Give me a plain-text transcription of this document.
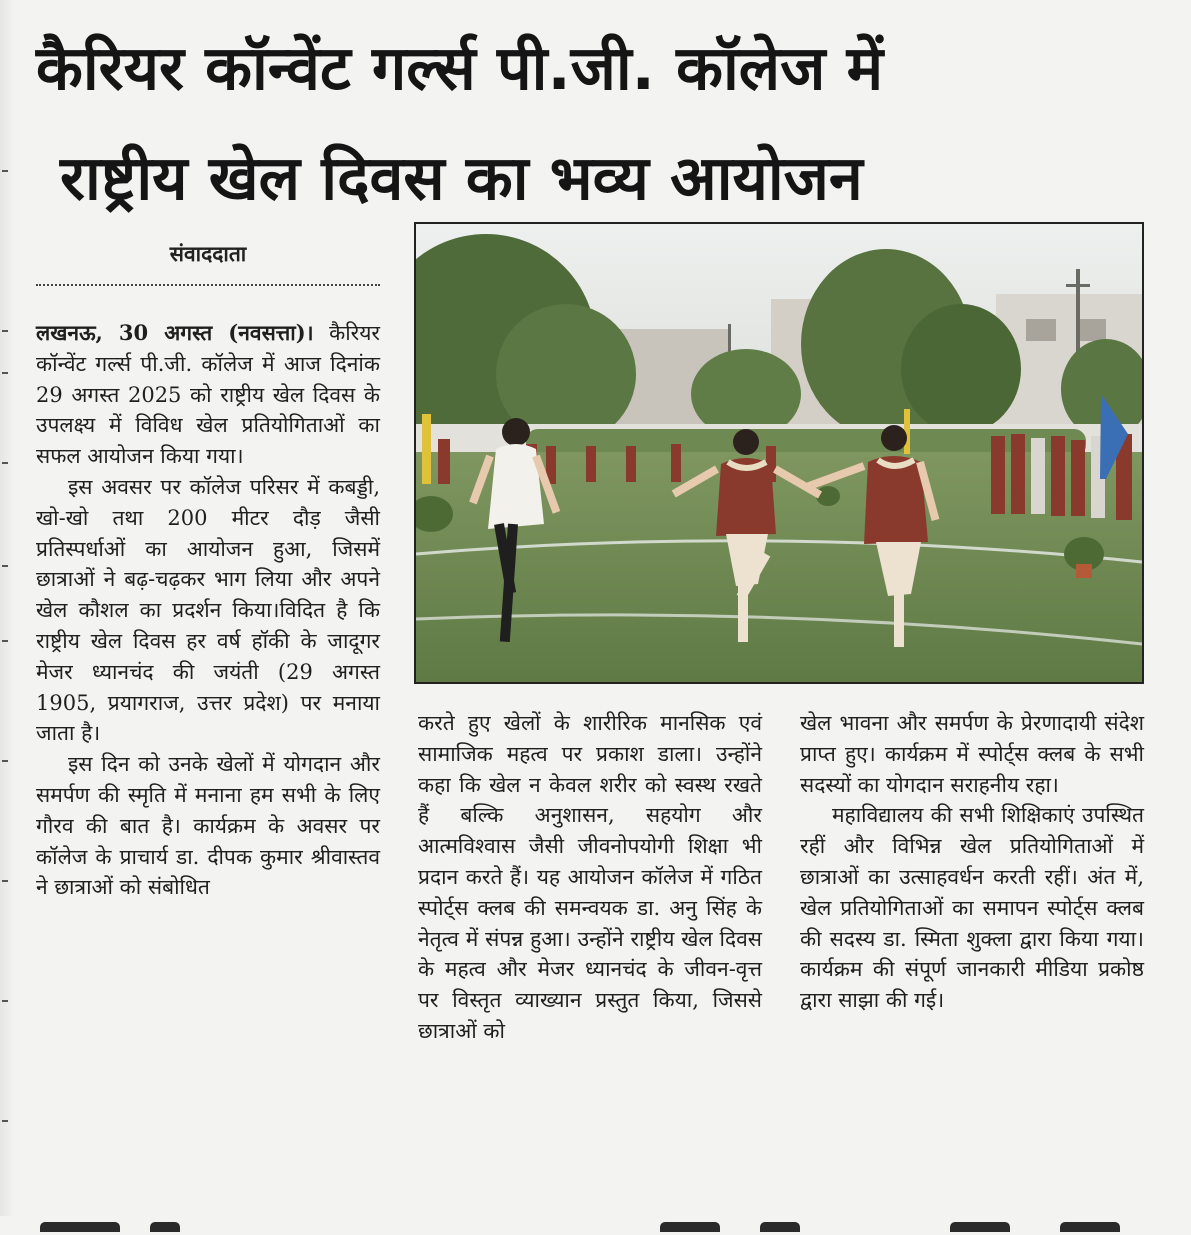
कैरियर कॉन्वेंट गर्ल्स पी.जी. कॉलेज में
राष्ट्रीय खेल दिवस का भव्य आयोजन
संवाददाता

लखनऊ, 30 अगस्त (नवसत्ता)। कैरियर कॉन्वेंट गर्ल्स पी.जी. कॉलेज में आज दिनांक 29 अगस्त 2025 को राष्ट्रीय खेल दिवस के उपलक्ष्य में विविध खेल प्रतियोगिताओं का सफल आयोजन किया गया।

इस अवसर पर कॉलेज परिसर में कबड्डी, खो-खो तथा 200 मीटर दौड़ जैसी प्रतिस्पर्धाओं का आयोजन हुआ, जिसमें छात्राओं ने बढ़-चढ़कर भाग लिया और अपने खेल कौशल का प्रदर्शन किया।विदित है कि राष्ट्रीय खेल दिवस हर वर्ष हॉकी के जादूगर मेजर ध्यानचंद की जयंती (29 अगस्त 1905, प्रयागराज, उत्तर प्रदेश) पर मनाया जाता है।

इस दिन को उनके खेलों में योगदान और समर्पण की स्मृति में मनाना हम सभी के लिए गौरव की बात है। कार्यक्रम के अवसर पर कॉलेज के प्राचार्य डा. दीपक कुमार श्रीवास्तव ने छात्राओं को संबोधित

करते हुए खेलों के शारीरिक मानसिक एवं सामाजिक महत्व पर प्रकाश डाला। उन्होंने कहा कि खेल न केवल शरीर को स्वस्थ रखते हैं बल्कि अनुशासन, सहयोग और आत्मविश्वास जैसी जीवनोपयोगी शिक्षा भी प्रदान करते हैं। यह आयोजन कॉलेज में गठित स्पोर्ट्स क्लब की समन्वयक डा. अनु सिंह के नेतृत्व में संपन्न हुआ। उन्होंने राष्ट्रीय खेल दिवस के महत्व और मेजर ध्यानचंद के जीवन-वृत्त पर विस्तृत व्याख्यान प्रस्तुत किया, जिससे छात्राओं को

खेल भावना और समर्पण के प्रेरणादायी संदेश प्राप्त हुए। कार्यक्रम में स्पोर्ट्स क्लब के सभी सदस्यों का योगदान सराहनीय रहा।

महाविद्यालय की सभी शिक्षिकाएं उपस्थित रहीं और विभिन्न खेल प्रतियोगिताओं में छात्राओं का उत्साहवर्धन करती रहीं। अंत में, खेल प्रतियोगिताओं का समापन स्पोर्ट्स क्लब की सदस्य डा. स्मिता शुक्ला द्वारा किया गया। कार्यक्रम की संपूर्ण जानकारी मीडिया प्रकोष्ठ द्वारा साझा की गई।
